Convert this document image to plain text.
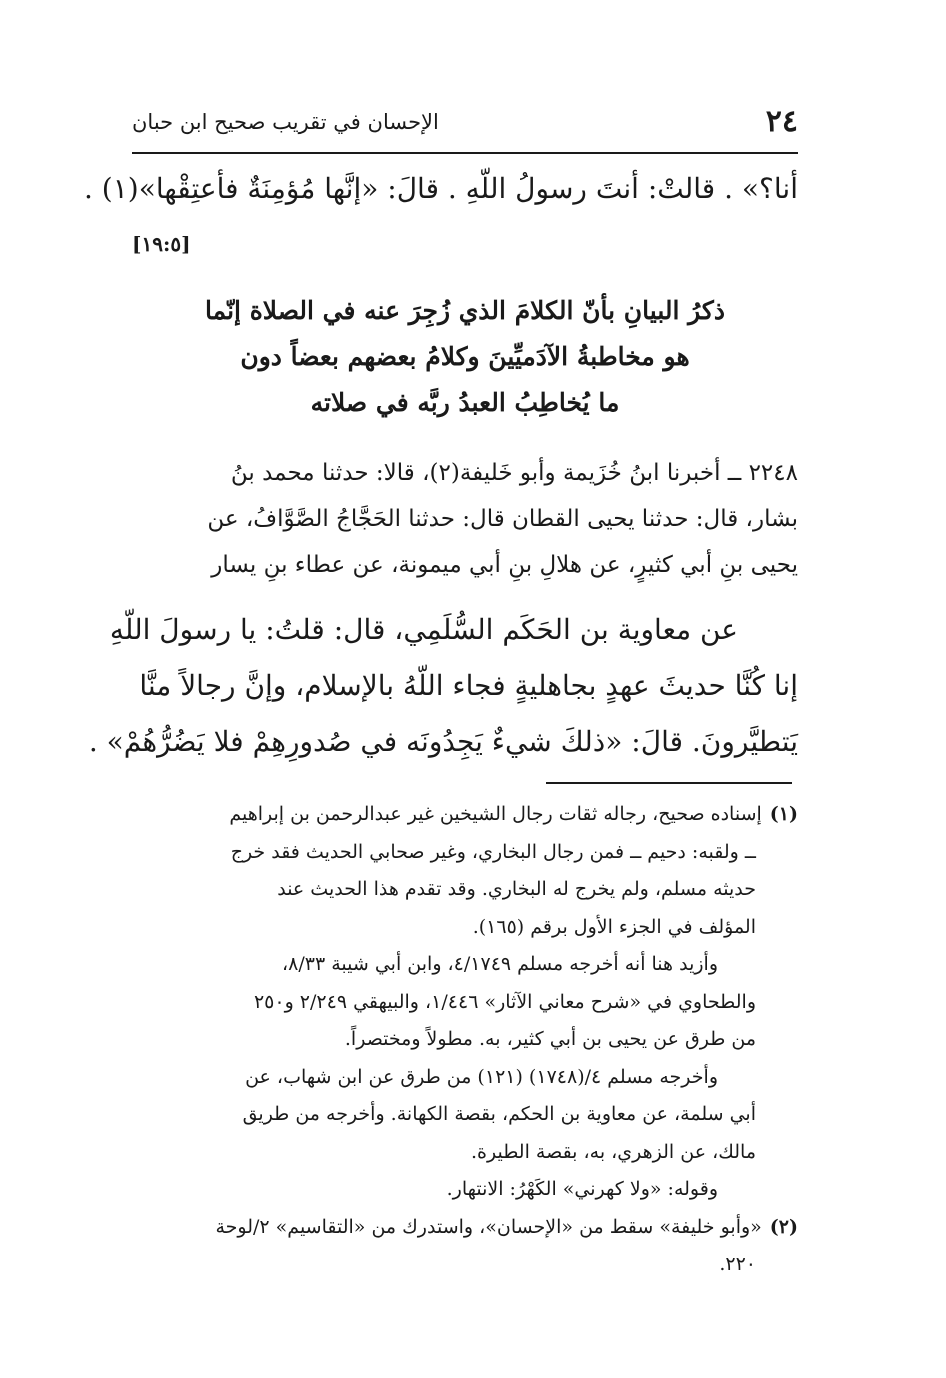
٢٤
الإحسان في تقريب صحيح ابن حبان
أنا؟» . قالتْ: أنتَ رسولُ اللّهِ . قالَ: «إنَّها مُؤمِنَةٌ فأعتِقْها»(١) .
[١٩:٥]
ذكرُ البيانِ بأنّ الكلامَ الذي زُجِرَ عنه في الصلاة إنّما
هو مخاطبةُ الآدَميِّينَ وكلامُ بعضهم بعضاً دون
ما يُخاطِبُ العبدُ ربَّه في صلاته
٢٢٤٨ ــ أخبرنا ابنُ خُزَيمة وأبو خَليفة(٢)، قالا: حدثنا محمد بنُ
بشار، قال: حدثنا يحيى القطان قال: حدثنا الحَجَّاجُ الصَّوَّافُ، عن
يحيى بنِ أبي كثيرٍ، عن هلالِ بنِ أبي ميمونة، عن عطاء بنِ يسار
عن معاوية بن الحَكَم السُّلَمِي، قال: قلتُ: يا رسولَ اللّهِ
إنا كُنَّا حديثَ عهدٍ بجاهليةٍ فجاء اللّهُ بالإسلام، وإنَّ رجالاً منَّا
يَتطيَّرونَ. قالَ: «ذلكَ شيءٌ يَجِدُونَه في صُدورِهِمْ فلا يَضُرُّهُمْ» .
(١)إسناده صحيح، رجاله ثقات رجال الشيخين غير عبدالرحمن بن إبراهيم
ــ ولقبه: دحيم ــ فمن رجال البخاري، وغير صحابي الحديث فقد خرج
حديثه مسلم، ولم يخرج له البخاري. وقد تقدم هذا الحديث عند
المؤلف في الجزء الأول برقم (١٦٥).
وأزيد هنا أنه أخرجه مسلم ٤/١٧٤٩، وابن أبي شيبة ٨/٣٣،
والطحاوي في «شرح معاني الآثار» ١/٤٤٦، والبيهقي ٢/٢٤٩ و٢٥٠
من طرق عن يحيى بن أبي كثير، به. مطولاً ومختصراً.
وأخرجه مسلم ٤/(١٧٤٨) (١٢١) من طرق عن ابن شهاب، عن
أبي سلمة، عن معاوية بن الحكم، بقصة الكهانة. وأخرجه من طريق
مالك، عن الزهري، به، بقصة الطيرة.
وقوله: «ولا كهرني» الكَهْرُ: الانتهار.
(٢)«وأبو خليفة» سقط من «الإحسان»، واستدرك من «التقاسيم» ٢/لوحة
٢٢٠.
